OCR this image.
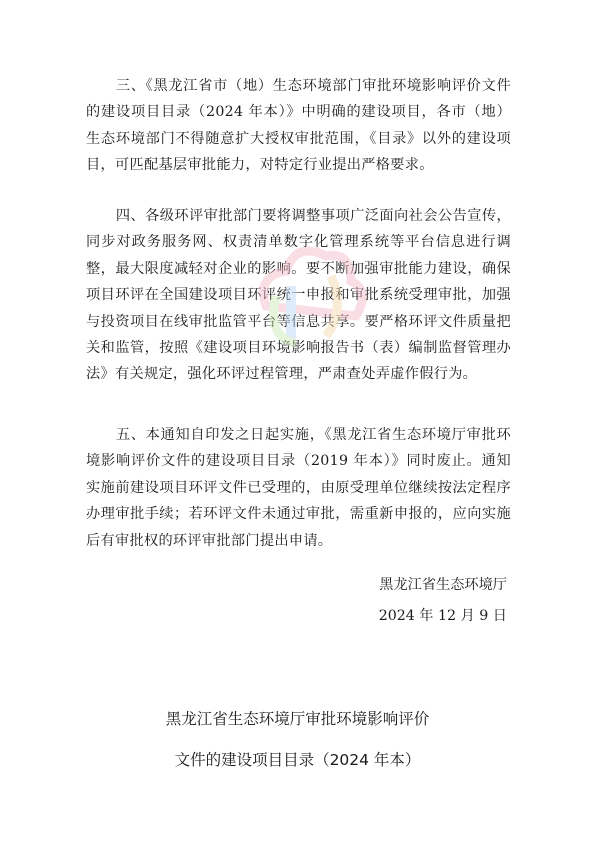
三、《黑龙江省市（地）生态环境部门审批环境影响评价文件的建设项目目录（2024 年本）》中明确的建设项目，各市（地）生态环境部门不得随意扩大授权审批范围，《目录》以外的建设项目，可匹配基层审批能力，对特定行业提出严格要求。

四、各级环评审批部门要将调整事项广泛面向社会公告宣传，同步对政务服务网、权责清单数字化管理系统等平台信息进行调整，最大限度减轻对企业的影响。要不断加强审批能力建设，确保项目环评在全国建设项目环评统一申报和审批系统受理审批，加强与投资项目在线审批监管平台等信息共享。要严格环评文件质量把关和监管，按照《建设项目环境影响报告书（表）编制监督管理办法》有关规定，强化环评过程管理，严肃查处弄虚作假行为。

五、本通知自印发之日起实施，《黑龙江省生态环境厅审批环境影响评价文件的建设项目目录（2019 年本）》同时废止。通知实施前建设项目环评文件已受理的，由原受理单位继续按法定程序办理审批手续；若环评文件未通过审批，需重新申报的，应向实施后有审批权的环评审批部门提出申请。

黑龙江省生态环境厅

2024 年 12 月 9 日

黑龙江省生态环境厅审批环境影响评价

文件的建设项目目录（2024 年本）
